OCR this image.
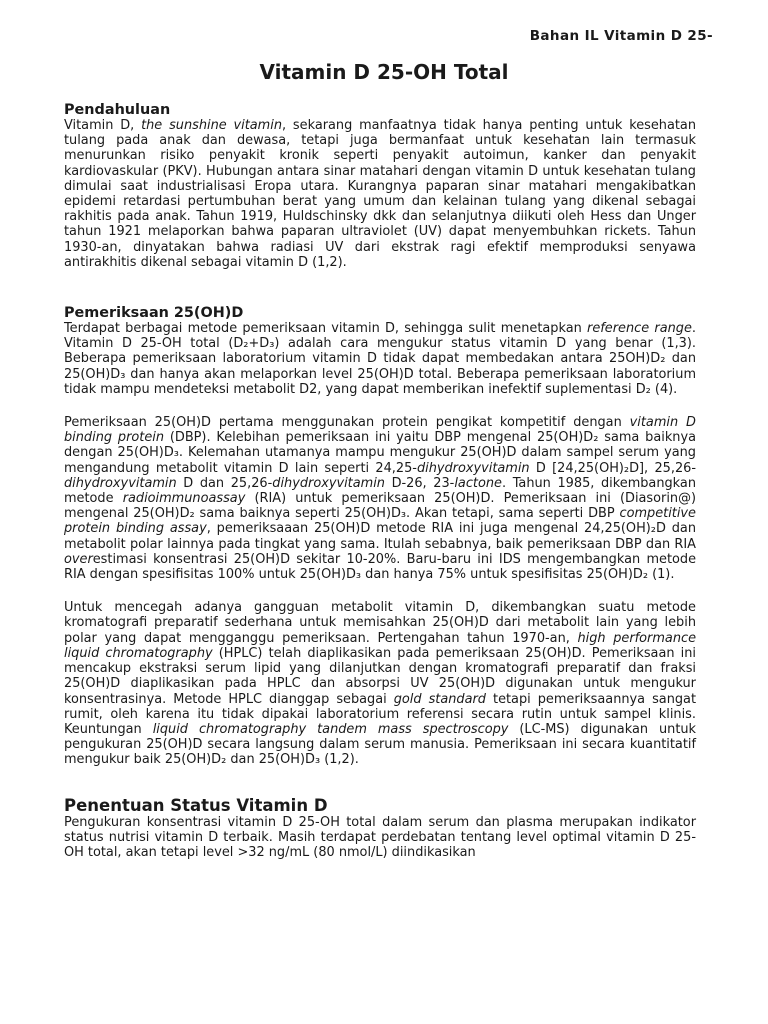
Bahan IL Vitamin D 25-
Vitamin D 25-OH Total
Pendahuluan

Vitamin D, the sunshine vitamin, sekarang manfaatnya tidak hanya penting untuk kesehatan tulang pada anak dan dewasa, tetapi juga bermanfaat untuk kesehatan lain termasuk menurunkan risiko penyakit kronik seperti penyakit autoimun, kanker dan penyakit kardiovaskular (PKV). Hubungan antara sinar matahari dengan vitamin D untuk kesehatan tulang dimulai saat industrialisasi Eropa utara. Kurangnya paparan sinar matahari mengakibatkan epidemi retardasi pertumbuhan berat yang umum dan kelainan tulang yang dikenal sebagai rakhitis pada anak. Tahun 1919, Huldschinsky dkk dan selanjutnya diikuti oleh Hess dan Unger tahun 1921 melaporkan bahwa paparan ultraviolet (UV) dapat menyembuhkan rickets. Tahun 1930-an, dinyatakan bahwa radiasi UV dari ekstrak ragi efektif memproduksi senyawa antirakhitis dikenal sebagai vitamin D (1,2).

Pemeriksaan 25(OH)D

Terdapat berbagai metode pemeriksaan vitamin D, sehingga sulit menetapkan reference range. Vitamin D 25-OH total (D₂+D₃) adalah cara mengukur status vitamin D yang benar (1,3). Beberapa pemeriksaan laboratorium vitamin D tidak dapat membedakan antara 25OH)D₂ dan 25(OH)D₃ dan hanya akan melaporkan level 25(OH)D total. Beberapa pemeriksaan laboratorium tidak mampu mendeteksi metabolit D2, yang dapat memberikan inefektif suplementasi D₂ (4).

Pemeriksaan 25(OH)D pertama menggunakan protein pengikat kompetitif dengan vitamin D binding protein (DBP). Kelebihan pemeriksaan ini yaitu DBP mengenal 25(OH)D₂ sama baiknya dengan 25(OH)D₃. Kelemahan utamanya mampu mengukur 25(OH)D dalam sampel serum yang mengandung metabolit vitamin D lain seperti 24,25-dihydroxyvitamin D [24,25(OH)₂D], 25,26-dihydroxyvitamin D dan 25,26-dihydroxyvitamin D-26, 23-lactone. Tahun 1985, dikembangkan metode radioimmunoassay (RIA) untuk pemeriksaan 25(OH)D. Pemeriksaan ini (Diasorin@) mengenal 25(OH)D₂ sama baiknya seperti 25(OH)D₃. Akan tetapi, sama seperti DBP competitive protein binding assay, pemeriksaaan 25(OH)D metode RIA ini juga mengenal 24,25(OH)₂D dan metabolit polar lainnya pada tingkat yang sama. Itulah sebabnya, baik pemeriksaan DBP dan RIA overestimasi konsentrasi 25(OH)D sekitar 10-20%. Baru-baru ini IDS mengembangkan metode RIA dengan spesifisitas 100% untuk 25(OH)D₃ dan hanya 75% untuk spesifisitas 25(OH)D₂ (1).

Untuk mencegah adanya gangguan metabolit vitamin D, dikembangkan suatu metode kromatografi preparatif sederhana untuk memisahkan 25(OH)D dari metabolit lain yang lebih polar yang dapat mengganggu pemeriksaan. Pertengahan tahun 1970-an, high performance liquid chromatography (HPLC) telah diaplikasikan pada pemeriksaan 25(OH)D. Pemeriksaan ini mencakup ekstraksi serum lipid yang dilanjutkan dengan kromatografi preparatif dan fraksi 25(OH)D diaplikasikan pada HPLC dan absorpsi UV 25(OH)D digunakan untuk mengukur konsentrasinya. Metode HPLC dianggap sebagai gold standard tetapi pemeriksaannya sangat rumit, oleh karena itu tidak dipakai laboratorium referensi secara rutin untuk sampel klinis. Keuntungan liquid chromatography tandem mass spectroscopy (LC-MS) digunakan untuk pengukuran 25(OH)D secara langsung dalam serum manusia. Pemeriksaan ini secara kuantitatif mengukur baik 25(OH)D₂ dan 25(OH)D₃ (1,2).

Penentuan Status Vitamin D

Pengukuran konsentrasi vitamin D 25-OH total dalam serum dan plasma merupakan indikator status nutrisi vitamin D terbaik. Masih terdapat perdebatan tentang level optimal vitamin D 25-OH total, akan tetapi level >32 ng/mL (80 nmol/L) diindikasikan
